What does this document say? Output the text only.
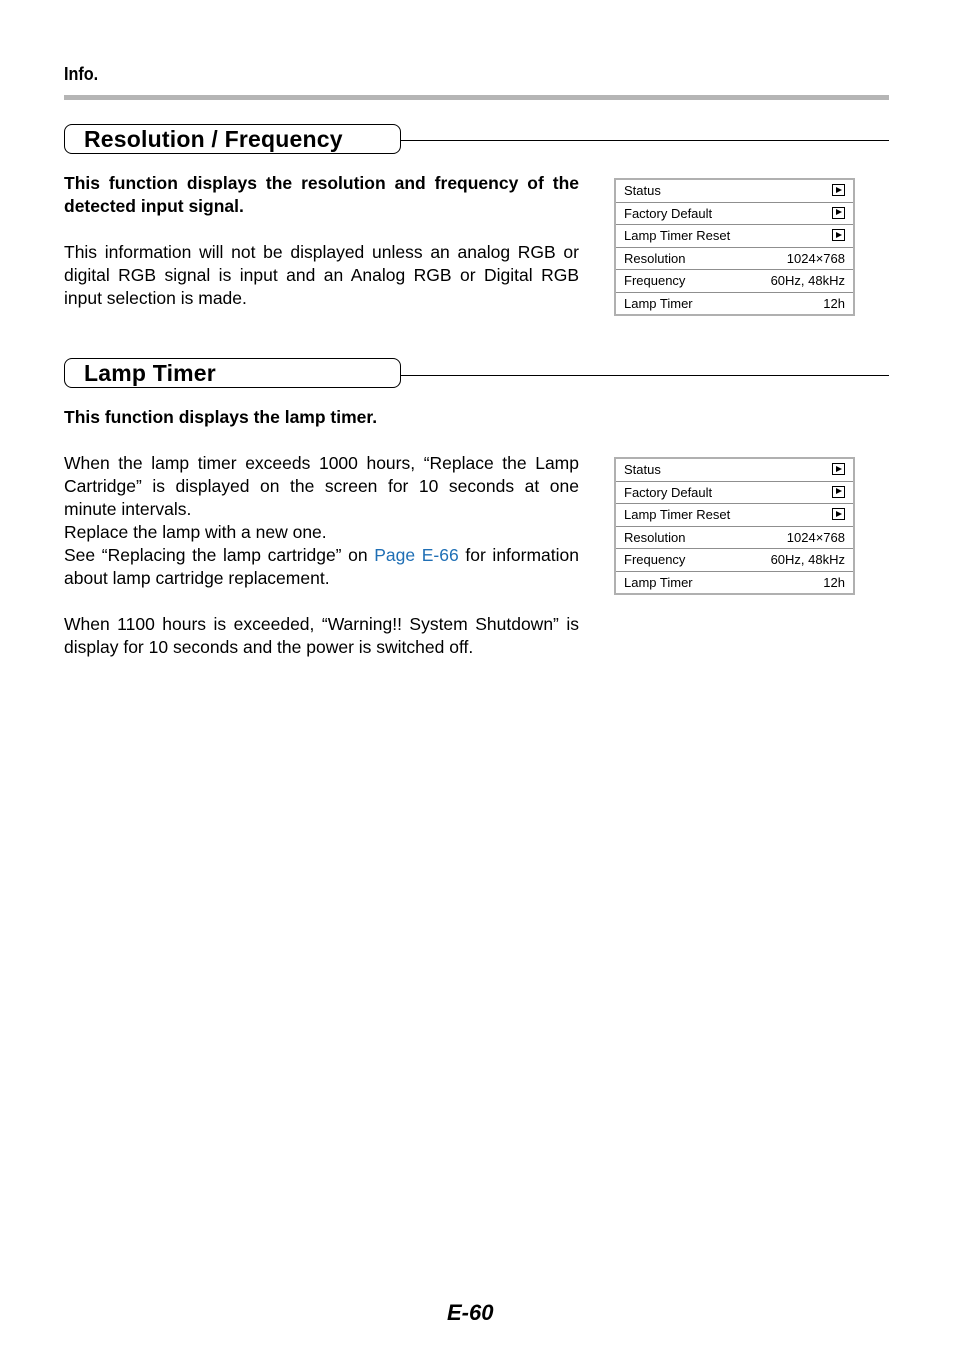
Info.
Resolution / Frequency

This function displays the resolution and frequency of the detected input signal.

This information will not be displayed unless an analog RGB or digital RGB signal is input and an Analog RGB or Digital RGB input selection is made.

Status
Factory Default
Lamp Timer Reset
Resolution	1024×768
Frequency	60Hz, 48kHz
Lamp Timer	12h
Lamp Timer

This function displays the lamp timer.

When the lamp timer exceeds 1000 hours, “Replace the Lamp Cartridge” is displayed on the screen for 10 seconds at one minute intervals.

Replace the lamp with a new one.

See “Replacing the lamp cartridge” on Page E-66 for information about lamp cartridge replacement.

When 1100 hours is exceeded, “Warning!! System Shutdown” is display for 10 seconds and the power is switched off.

Status
Factory Default
Lamp Timer Reset
Resolution	1024×768
Frequency	60Hz, 48kHz
Lamp Timer	12h
E-60
